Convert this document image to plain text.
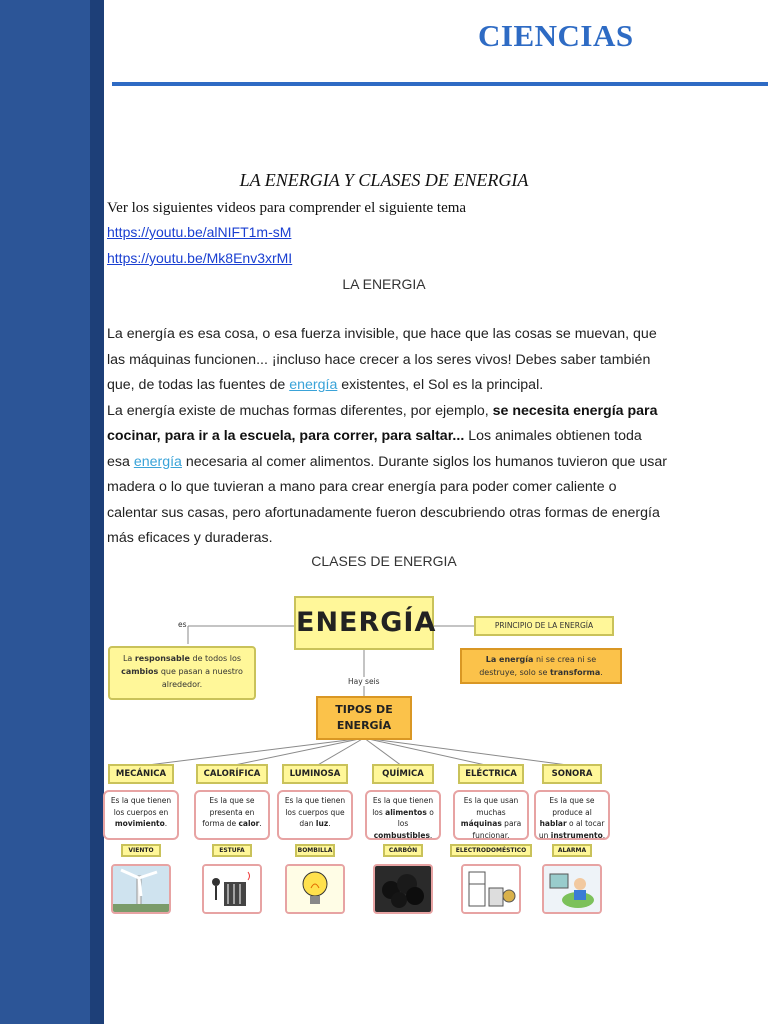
CIENCIAS
LA ENERGIA Y CLASES DE ENERGIA
Ver los siguientes videos para comprender el siguiente tema
https://youtu.be/alNIFT1m-sM
https://youtu.be/Mk8Env3xrMI
LA ENERGIA
La energía es esa cosa, o esa fuerza invisible, que hace que las cosas se muevan, que las máquinas funcionen... ¡incluso hace crecer a los seres vivos! Debes saber también que, de todas las fuentes de energía existentes, el Sol es la principal.
La energía existe de muchas formas diferentes, por ejemplo, se necesita energía para cocinar, para ir a la escuela, para correr, para saltar... Los animales obtienen toda esa energía necesaria al comer alimentos. Durante siglos los humanos tuvieron que usar madera o lo que tuvieran a mano para crear energía para poder comer caliente o calentar sus casas, pero afortunadamente fueron descubriendo otras formas de energía más eficaces y duraderas.
CLASES DE ENERGIA
ENERGÍA
es
La responsable de todos los cambios que pasan a nuestro alrededor.
PRINCIPIO DE LA ENERGÍA
La energía ni se crea ni se destruye, solo se transforma.
Hay seis
TIPOS DE ENERGÍA
MECÁNICA
Es la que tienen los cuerpos en movimiento.
VIENTO
CALORÍFICA
Es la que se presenta en forma de calor.
ESTUFA
LUMINOSA
Es la que tienen los cuerpos que dan luz.
BOMBILLA
QUÍMICA
Es la que tienen los alimentos o los combustibles.
CARBÓN
ELÉCTRICA
Es la que usan muchas máquinas para funcionar.
ELECTRODOMÉSTICO
SONORA
Es la que se produce al hablar o al tocar un instrumento.
ALARMA
